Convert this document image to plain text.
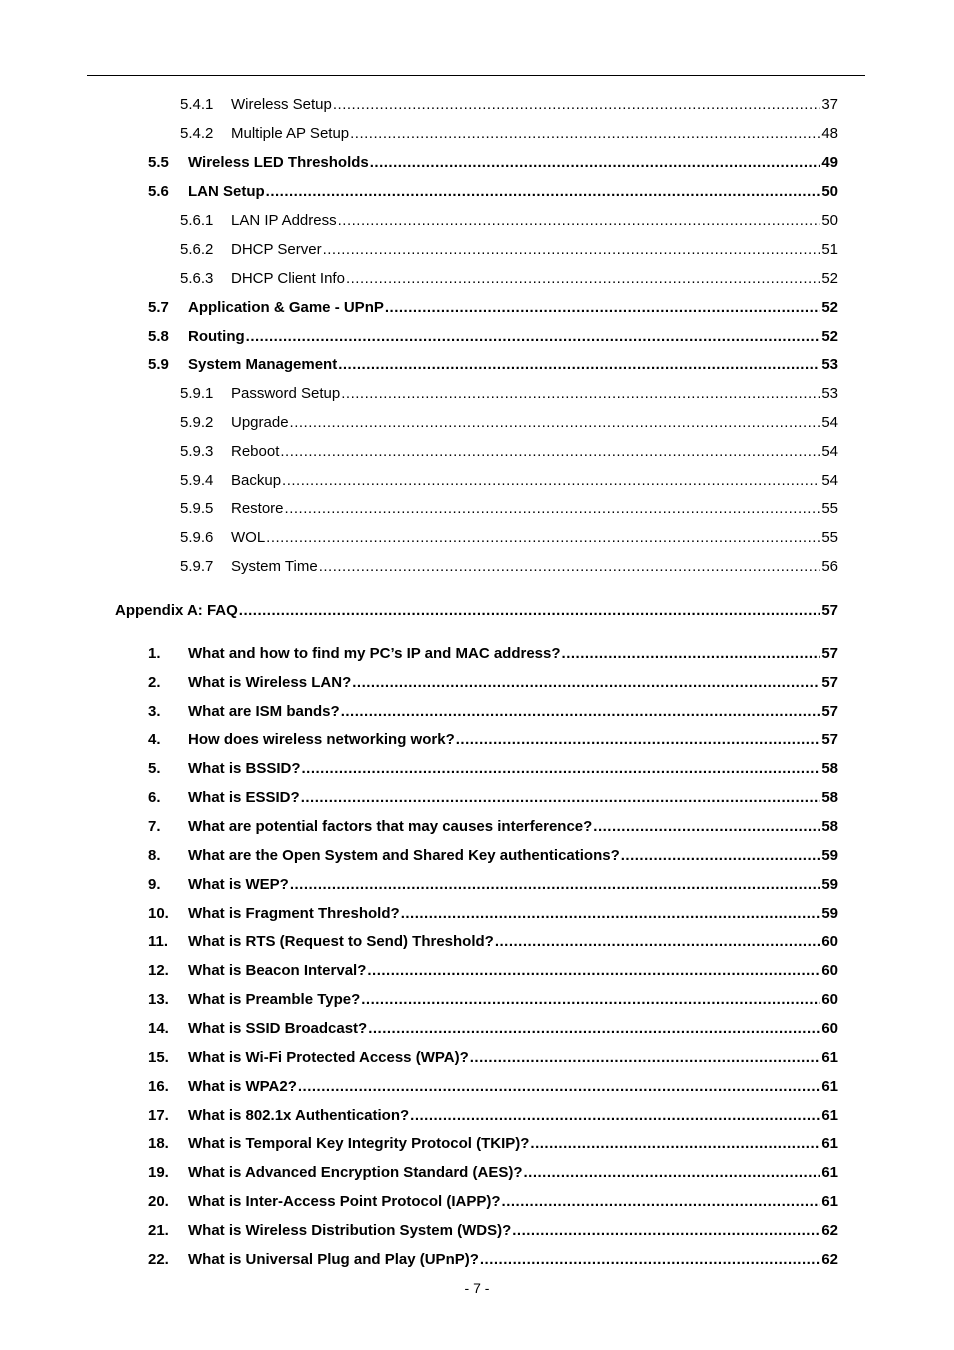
5.4.1	Wireless Setup .....	37
5.4.2	Multiple AP Setup .....	48
5.5	Wireless LED Thresholds .....	49
5.6	LAN Setup .....	50
5.6.1	LAN IP Address .....	50
5.6.2	DHCP Server .....	51
5.6.3	DHCP Client Info .....	52
5.7	Application & Game - UPnP .....	52
5.8	Routing .....	52
5.9	System Management .....	53
5.9.1	Password Setup .....	53
5.9.2	Upgrade .....	54
5.9.3	Reboot .....	54
5.9.4	Backup .....	54
5.9.5	Restore .....	55
5.9.6	WOL .....	55
5.9.7	System Time .....	56
Appendix A: FAQ .....	57
1.	What and how to find my PC’s IP and MAC address? .....	57
2.	What is Wireless LAN? .....	57
3.	What are ISM bands? .....	57
4.	How does wireless networking work? .....	57
5.	What is BSSID? .....	58
6.	What is ESSID? .....	58
7.	What are potential factors that may causes interference? .....	58
8.	What are the Open System and Shared Key authentications? .....	59
9.	What is WEP? .....	59
10.	What is Fragment Threshold? .....	59
11.	What is RTS (Request to Send) Threshold? .....	60
12.	What is Beacon Interval? .....	60
13.	What is Preamble Type? .....	60
14.	What is SSID Broadcast? .....	60
15.	What is Wi-Fi Protected Access (WPA)? .....	61
16.	What is WPA2? .....	61
17.	What is 802.1x Authentication? .....	61
18.	What is Temporal Key Integrity Protocol (TKIP)? .....	61
19.	What is Advanced Encryption Standard (AES)? .....	61
20.	What is Inter-Access Point Protocol (IAPP)? .....	61
21.	What is Wireless Distribution System (WDS)? .....	62
22.	What is Universal Plug and Play (UPnP)? .....	62
- 7 -
